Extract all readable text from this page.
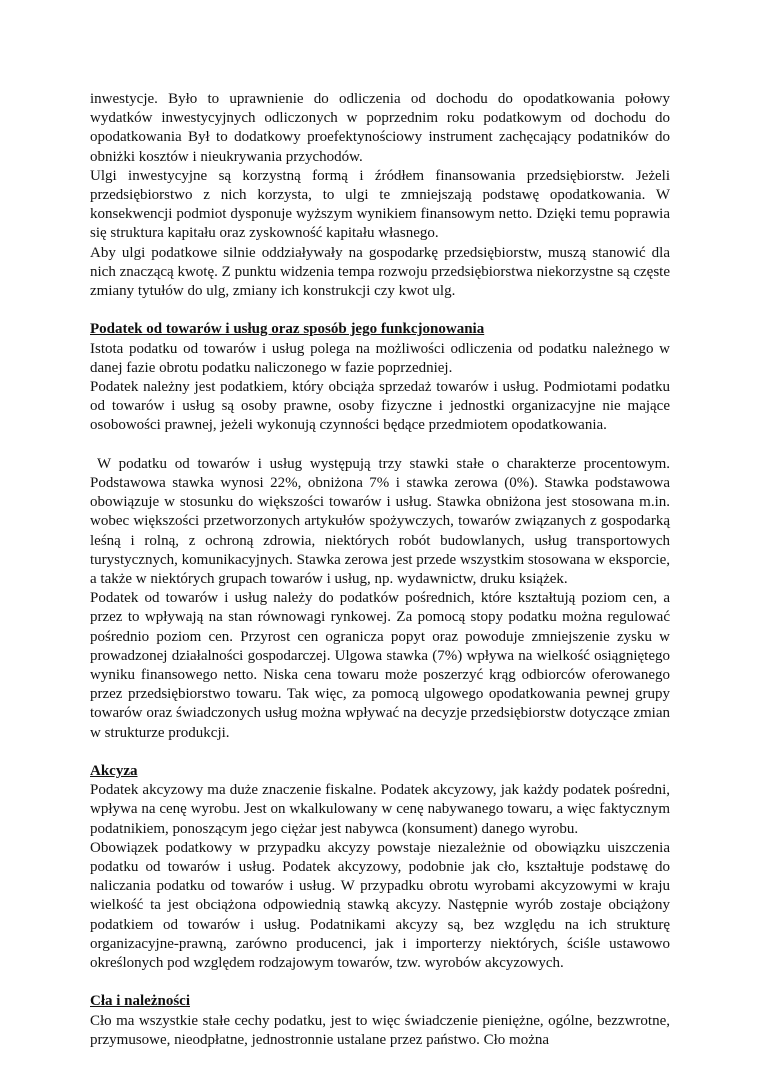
inwestycje. Było to uprawnienie do odliczenia od dochodu do opodatkowania połowy wydatków inwestycyjnych odliczonych w poprzednim roku podatkowym od dochodu do opodatkowania Był to dodatkowy proefektynościowy instrument zachęcający podatników do obniżki kosztów i nieukrywania przychodów.

Ulgi inwestycyjne są korzystną formą i źródłem finansowania przedsiębiorstw. Jeżeli przedsiębiorstwo z nich korzysta, to ulgi te zmniejszają podstawę opodatkowania. W konsekwencji podmiot dysponuje wyższym wynikiem finansowym netto. Dzięki temu poprawia się struktura kapitału oraz zyskowność kapitału własnego.

Aby ulgi podatkowe silnie oddziaływały na gospodarkę przedsiębiorstw, muszą stanowić dla nich znaczącą kwotę. Z punktu widzenia tempa rozwoju przedsiębiorstwa niekorzystne są częste zmiany tytułów do ulg, zmiany ich konstrukcji czy kwot ulg.

Podatek od towarów i usług oraz sposób jego funkcjonowania

Istota podatku od towarów i usług polega na możliwości odliczenia od podatku należnego w danej fazie obrotu podatku naliczonego w fazie poprzedniej.

Podatek należny jest podatkiem, który obciąża sprzedaż towarów i usług. Podmiotami podatku od towarów i usług są osoby prawne, osoby fizyczne i jednostki organizacyjne nie mające osobowości prawnej, jeżeli wykonują czynności będące przedmiotem opodatkowania.

W podatku od towarów i usług występują trzy stawki stałe o charakterze procentowym. Podstawowa stawka wynosi 22%, obniżona 7% i stawka zerowa (0%). Stawka podstawowa obowiązuje w stosunku do większości towarów i usług. Stawka obniżona jest stosowana m.in. wobec większości przetworzonych artykułów spożywczych, towarów związanych z gospodarką leśną i rolną, z ochroną zdrowia, niektórych robót budowlanych, usług transportowych turystycznych, komunikacyjnych. Stawka zerowa jest przede wszystkim stosowana w eksporcie, a także w niektórych grupach towarów i usług, np. wydawnictw, druku książek.

Podatek od towarów i usług należy do podatków pośrednich, które kształtują poziom cen, a przez to wpływają na stan równowagi rynkowej. Za pomocą stopy podatku można regulować pośrednio poziom cen. Przyrost cen ogranicza popyt oraz powoduje zmniejszenie zysku w prowadzonej działalności gospodarczej. Ulgowa stawka (7%) wpływa na wielkość osiągniętego wyniku finansowego netto. Niska cena towaru może poszerzyć krąg odbiorców oferowanego przez przedsiębiorstwo towaru. Tak więc, za pomocą ulgowego opodatkowania pewnej grupy towarów oraz świadczonych usług można wpływać na decyzje przedsiębiorstw dotyczące zmian w strukturze produkcji.

Akcyza

Podatek akcyzowy ma duże znaczenie fiskalne. Podatek akcyzowy, jak każdy podatek pośredni, wpływa na cenę wyrobu. Jest on wkalkulowany w cenę nabywanego towaru, a więc faktycznym podatnikiem, ponoszącym jego ciężar jest nabywca (konsument) danego wyrobu.

Obowiązek podatkowy w przypadku akcyzy powstaje niezależnie od obowiązku uiszczenia podatku od towarów i usług. Podatek akcyzowy, podobnie jak cło, kształtuje podstawę do naliczania podatku od towarów i usług. W przypadku obrotu wyrobami akcyzowymi w kraju wielkość ta jest obciążona odpowiednią stawką akcyzy. Następnie wyrób zostaje obciążony podatkiem od towarów i usług. Podatnikami akcyzy są, bez względu na ich strukturę organizacyjne-prawną, zarówno producenci, jak i importerzy niektórych, ściśle ustawowo określonych pod względem rodzajowym towarów, tzw. wyrobów akcyzowych.

Cła i należności

Cło ma wszystkie stałe cechy podatku, jest to więc świadczenie pieniężne, ogólne, bezzwrotne, przymusowe, nieodpłatne, jednostronnie ustalane przez państwo. Cło można
